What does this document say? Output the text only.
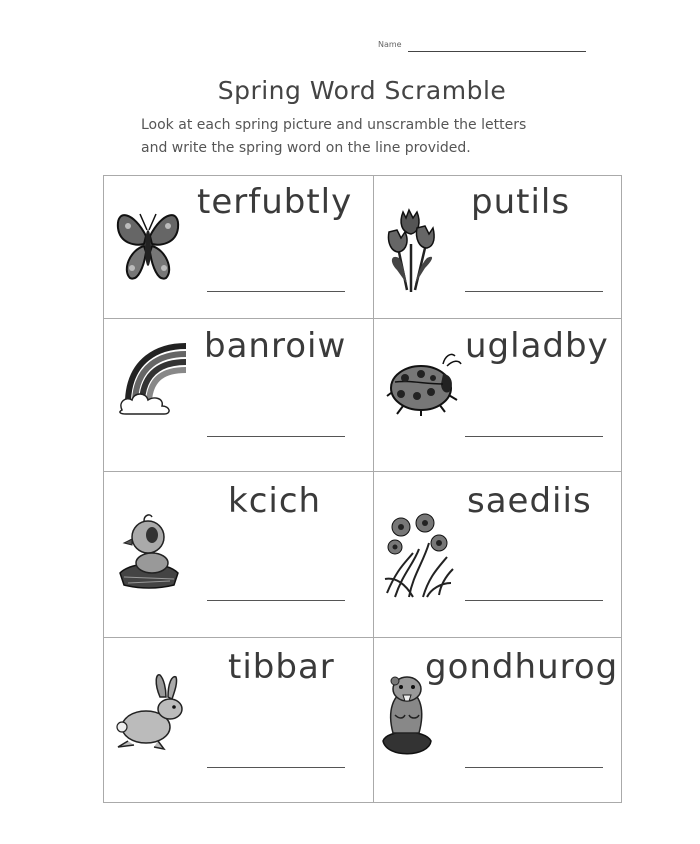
Name
Spring Word Scramble
Look at each spring picture and unscramble the letters
and write the spring word on the line provided.
terfubtly	putils
banroiw	ugladby
kcich	saediis
tibbar	gondhurog
